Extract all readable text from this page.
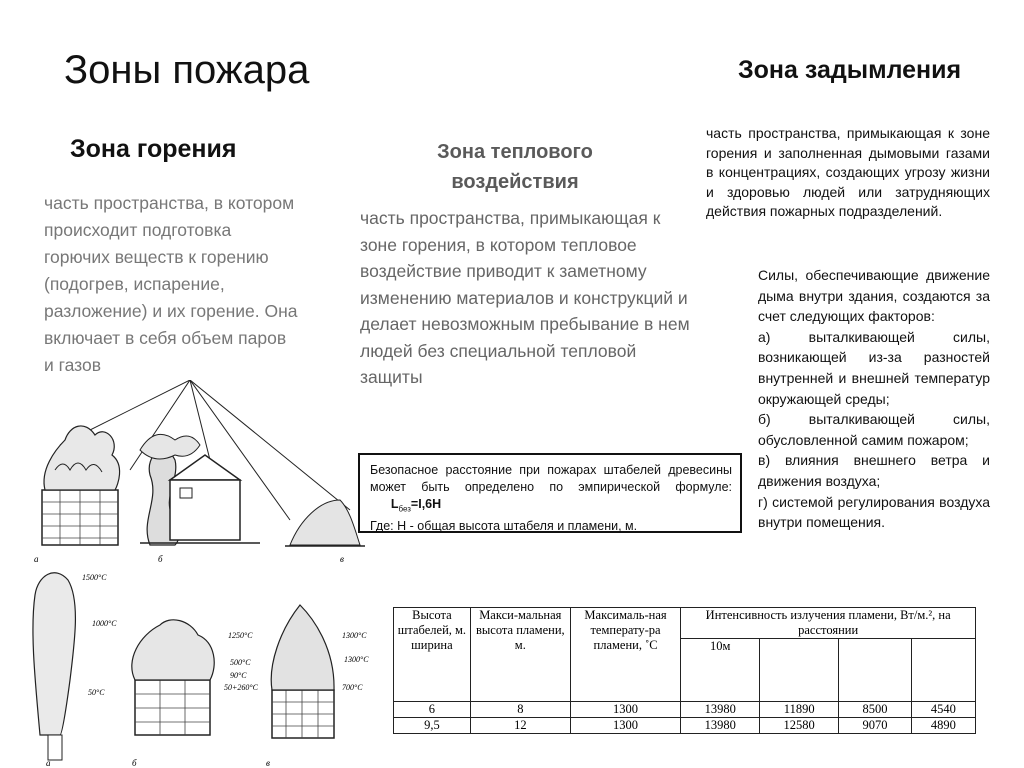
Зоны пожара	Зона задымления
Зона горения	Зона теплового воздействия
часть пространства, в котором происходит подготовка горючих веществ к горению (подогрев, испарение, разложение) и их горение. Она включает в себя объем паров и газов
часть пространства, примыкающая к зоне горения, в котором тепловое воздействие приводит к заметному изменению материалов и конструкций и делает невозможным пребывание в нем людей без специальной тепловой защиты
часть пространства, примыкающая к зоне горения и заполненная дымовыми газами в концентрациях, создающих угрозу жизни и здоровью людей или затрудняющих действия пожарных подразделений.

Силы, обеспечивающие движение дыма внутри здания, создаются за счет следующих факторов:

а) выталкивающей силы, возникающей из-за разностей внутренней и внешней температур окружающей среды;

б) выталкивающей силы, обусловленной самим пожаром;

в) влияния внешнего ветра и движения воздуха;

г) системой регулирования воздуха внутри помещения.

Безопасное расстояние при пожарах штабелей древесины может быть определено по эмпирической формуле:       $L_{без}=I,6H$
Где: Н - общая высота штабеля и пламени, м.
а	б	в
1500°С
1000°С
50°С
1250°С
500°С
90°С
50+260°С
1300°С
1300°С
700°С
а	б	в
Высота штабелей, м. ширина	Макси-мальная высота пламени, м.	Максималь-ная температу-ра пламени, ˚С	Интенсивность излучения пламени, Вт/м.², на расстоянии			
			10м			
6	8	1300	13980	11890	8500	4540
9,5	12	1300	13980	12580	9070	4890
